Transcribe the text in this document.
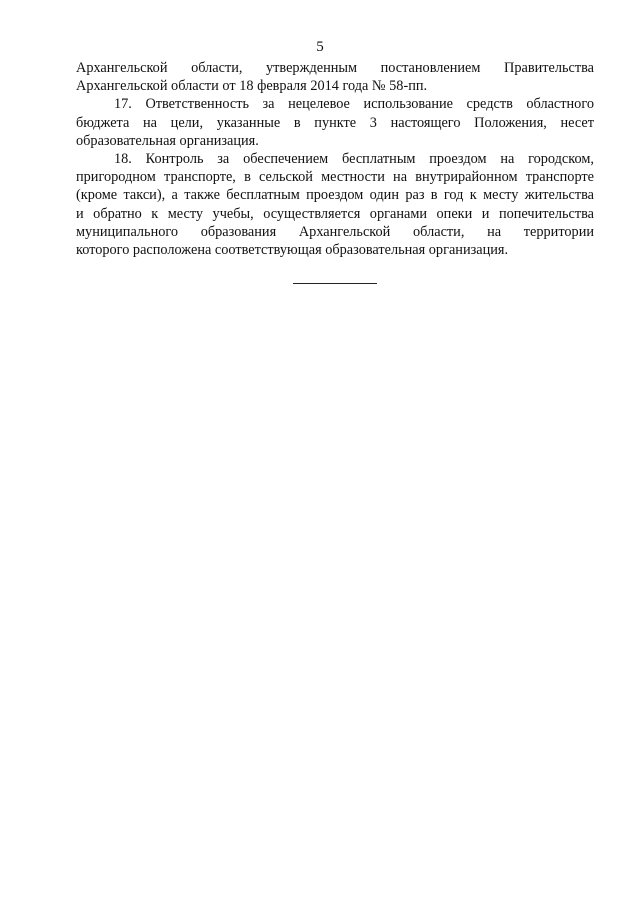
5

Архангельской области, утвержденным постановлением Правительства
Архангельской области от 18 февраля 2014 года № 58-пп.

17. Ответственность за нецелевое использование средств областного
бюджета на цели, указанные в пункте 3 настоящего Положения, несет
образовательная организация.

18. Контроль за обеспечением бесплатным проездом на городском,
пригородном транспорте, в сельской местности на внутрирайонном транспорте
(кроме такси), а также бесплатным проездом один раз в год к месту жительства
и обратно к месту учебы, осуществляется органами опеки и попечительства
муниципального образования Архангельской области, на территории
которого расположена соответствующая образовательная организация.
